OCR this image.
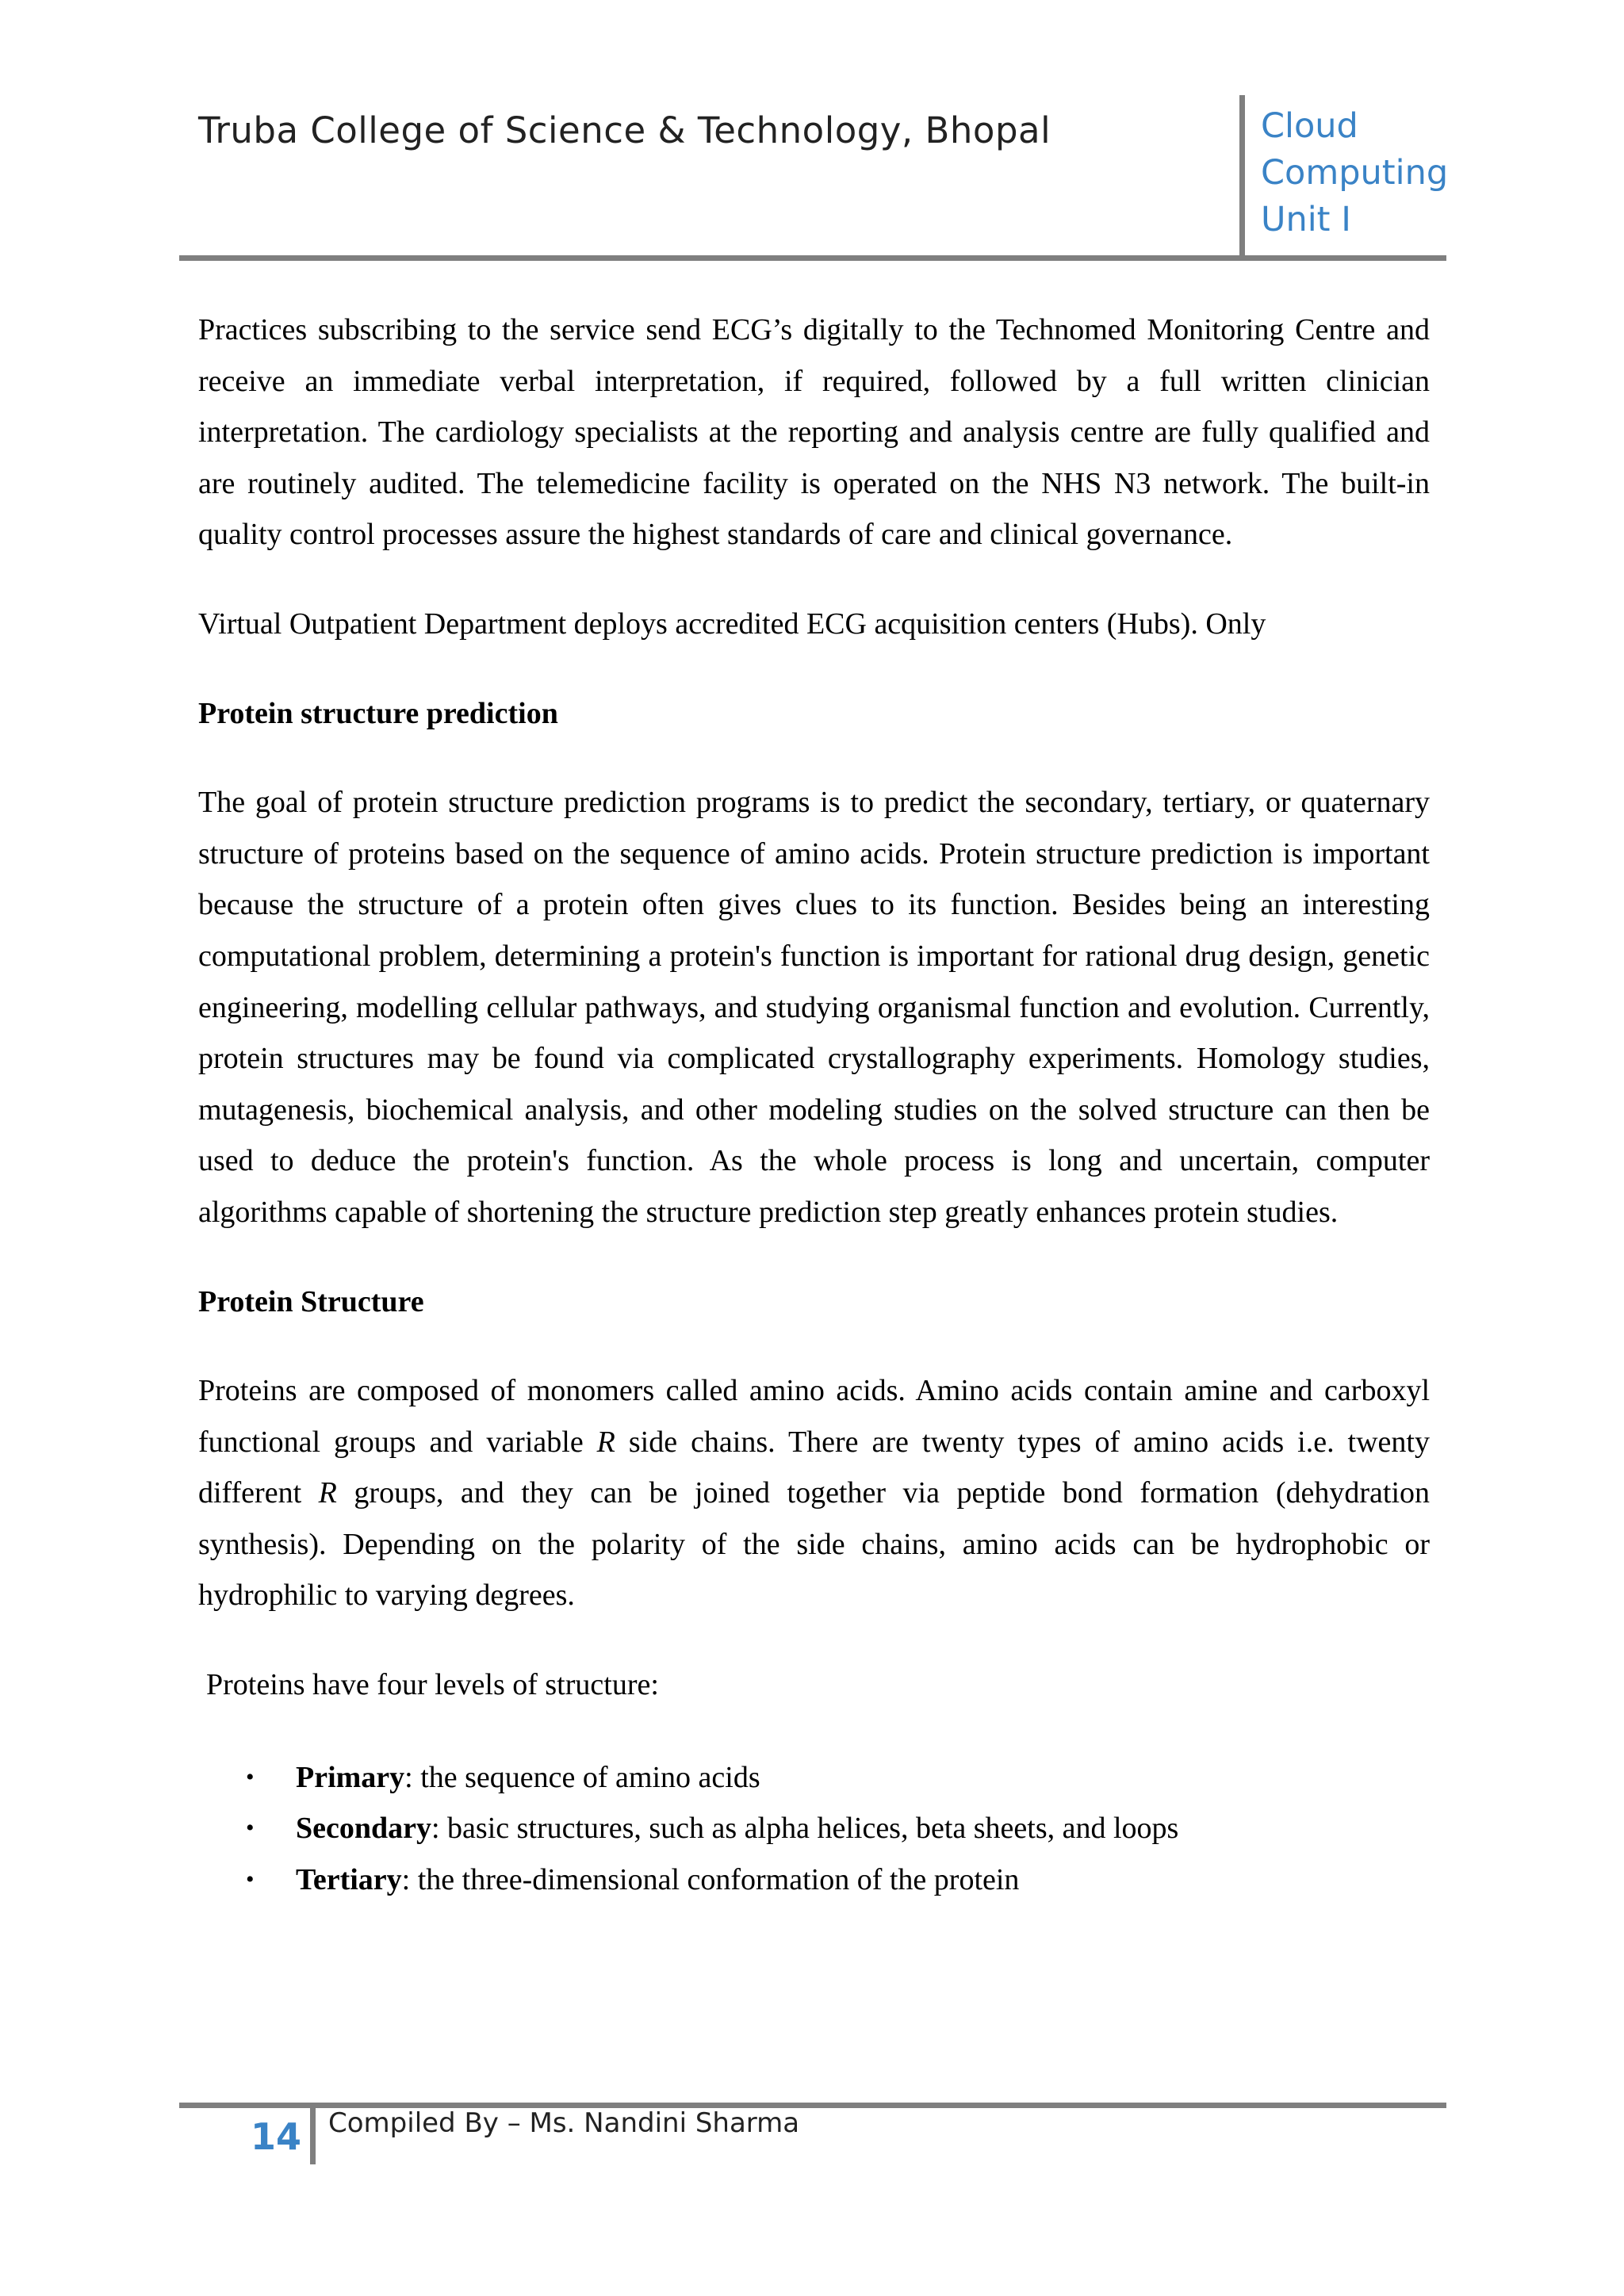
Truba College of Science & Technology, Bhopal	Cloud
Computing
Unit I

Practices subscribing to the service send ECG’s digitally to the Technomed Monitoring Centre and receive an immediate verbal interpretation, if required, followed by a full written clinician interpretation. The cardiology specialists at the reporting and analysis centre are fully qualified and are routinely audited. The telemedicine facility is operated on the NHS N3 network. The built-in quality control processes assure the highest standards of care and clinical governance.

Virtual Outpatient Department deploys accredited ECG acquisition centers (Hubs). Only

Protein structure prediction

The goal of protein structure prediction programs is to predict the secondary, tertiary, or quaternary structure of proteins based on the sequence of amino acids. Protein structure prediction is important because the structure of a protein often gives clues to its function. Besides being an interesting computational problem, determining a protein's function is important for rational drug design, genetic engineering, modelling cellular pathways, and studying organismal function and evolution. Currently, protein structures may be found via complicated crystallography experiments. Homology studies, mutagenesis, biochemical analysis, and other modeling studies on the solved structure can then be used to deduce the protein's function. As the whole process is long and uncertain, computer algorithms capable of shortening the structure prediction step greatly enhances protein studies.

Protein Structure

Proteins are composed of monomers called amino acids. Amino acids contain amine and carboxyl functional groups and variable R side chains. There are twenty types of amino acids i.e. twenty different R groups, and they can be joined together via peptide bond formation (dehydration synthesis). Depending on the polarity of the side chains, amino acids can be hydrophobic or hydrophilic to varying degrees.

Proteins have four levels of structure:

• Primary: the sequence of amino acids
• Secondary: basic structures, such as alpha helices, beta sheets, and loops
• Tertiary: the three-dimensional conformation of the protein
14 Compiled By – Ms. Nandini Sharma
